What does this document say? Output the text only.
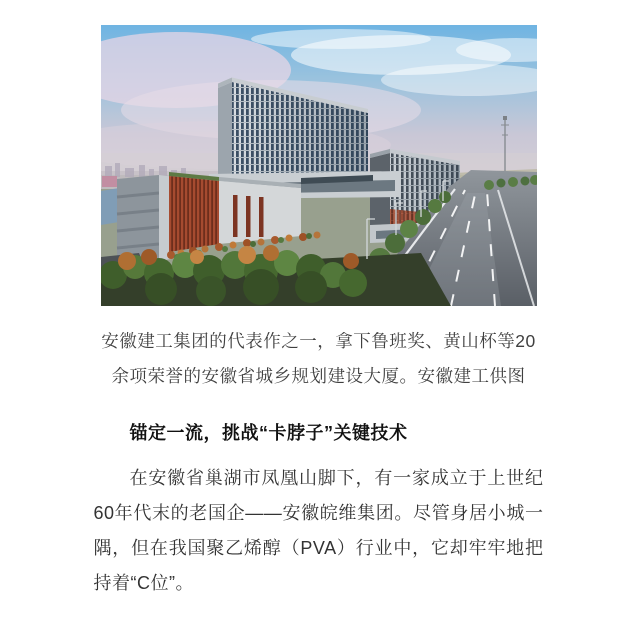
安徽建工集团的代表作之一，拿下鲁班奖、黄山杯等20余项荣誉的安徽省城乡规划建设大厦。安徽建工供图

锚定一流，挑战“卡脖子”关键技术

在安徽省巢湖市凤凰山脚下，有一家成立于上世纪60年代末的老国企——安徽皖维集团。尽管身居小城一隅，但在我国聚乙烯醇（PVA）行业中，它却牢牢地把持着“C位”。
